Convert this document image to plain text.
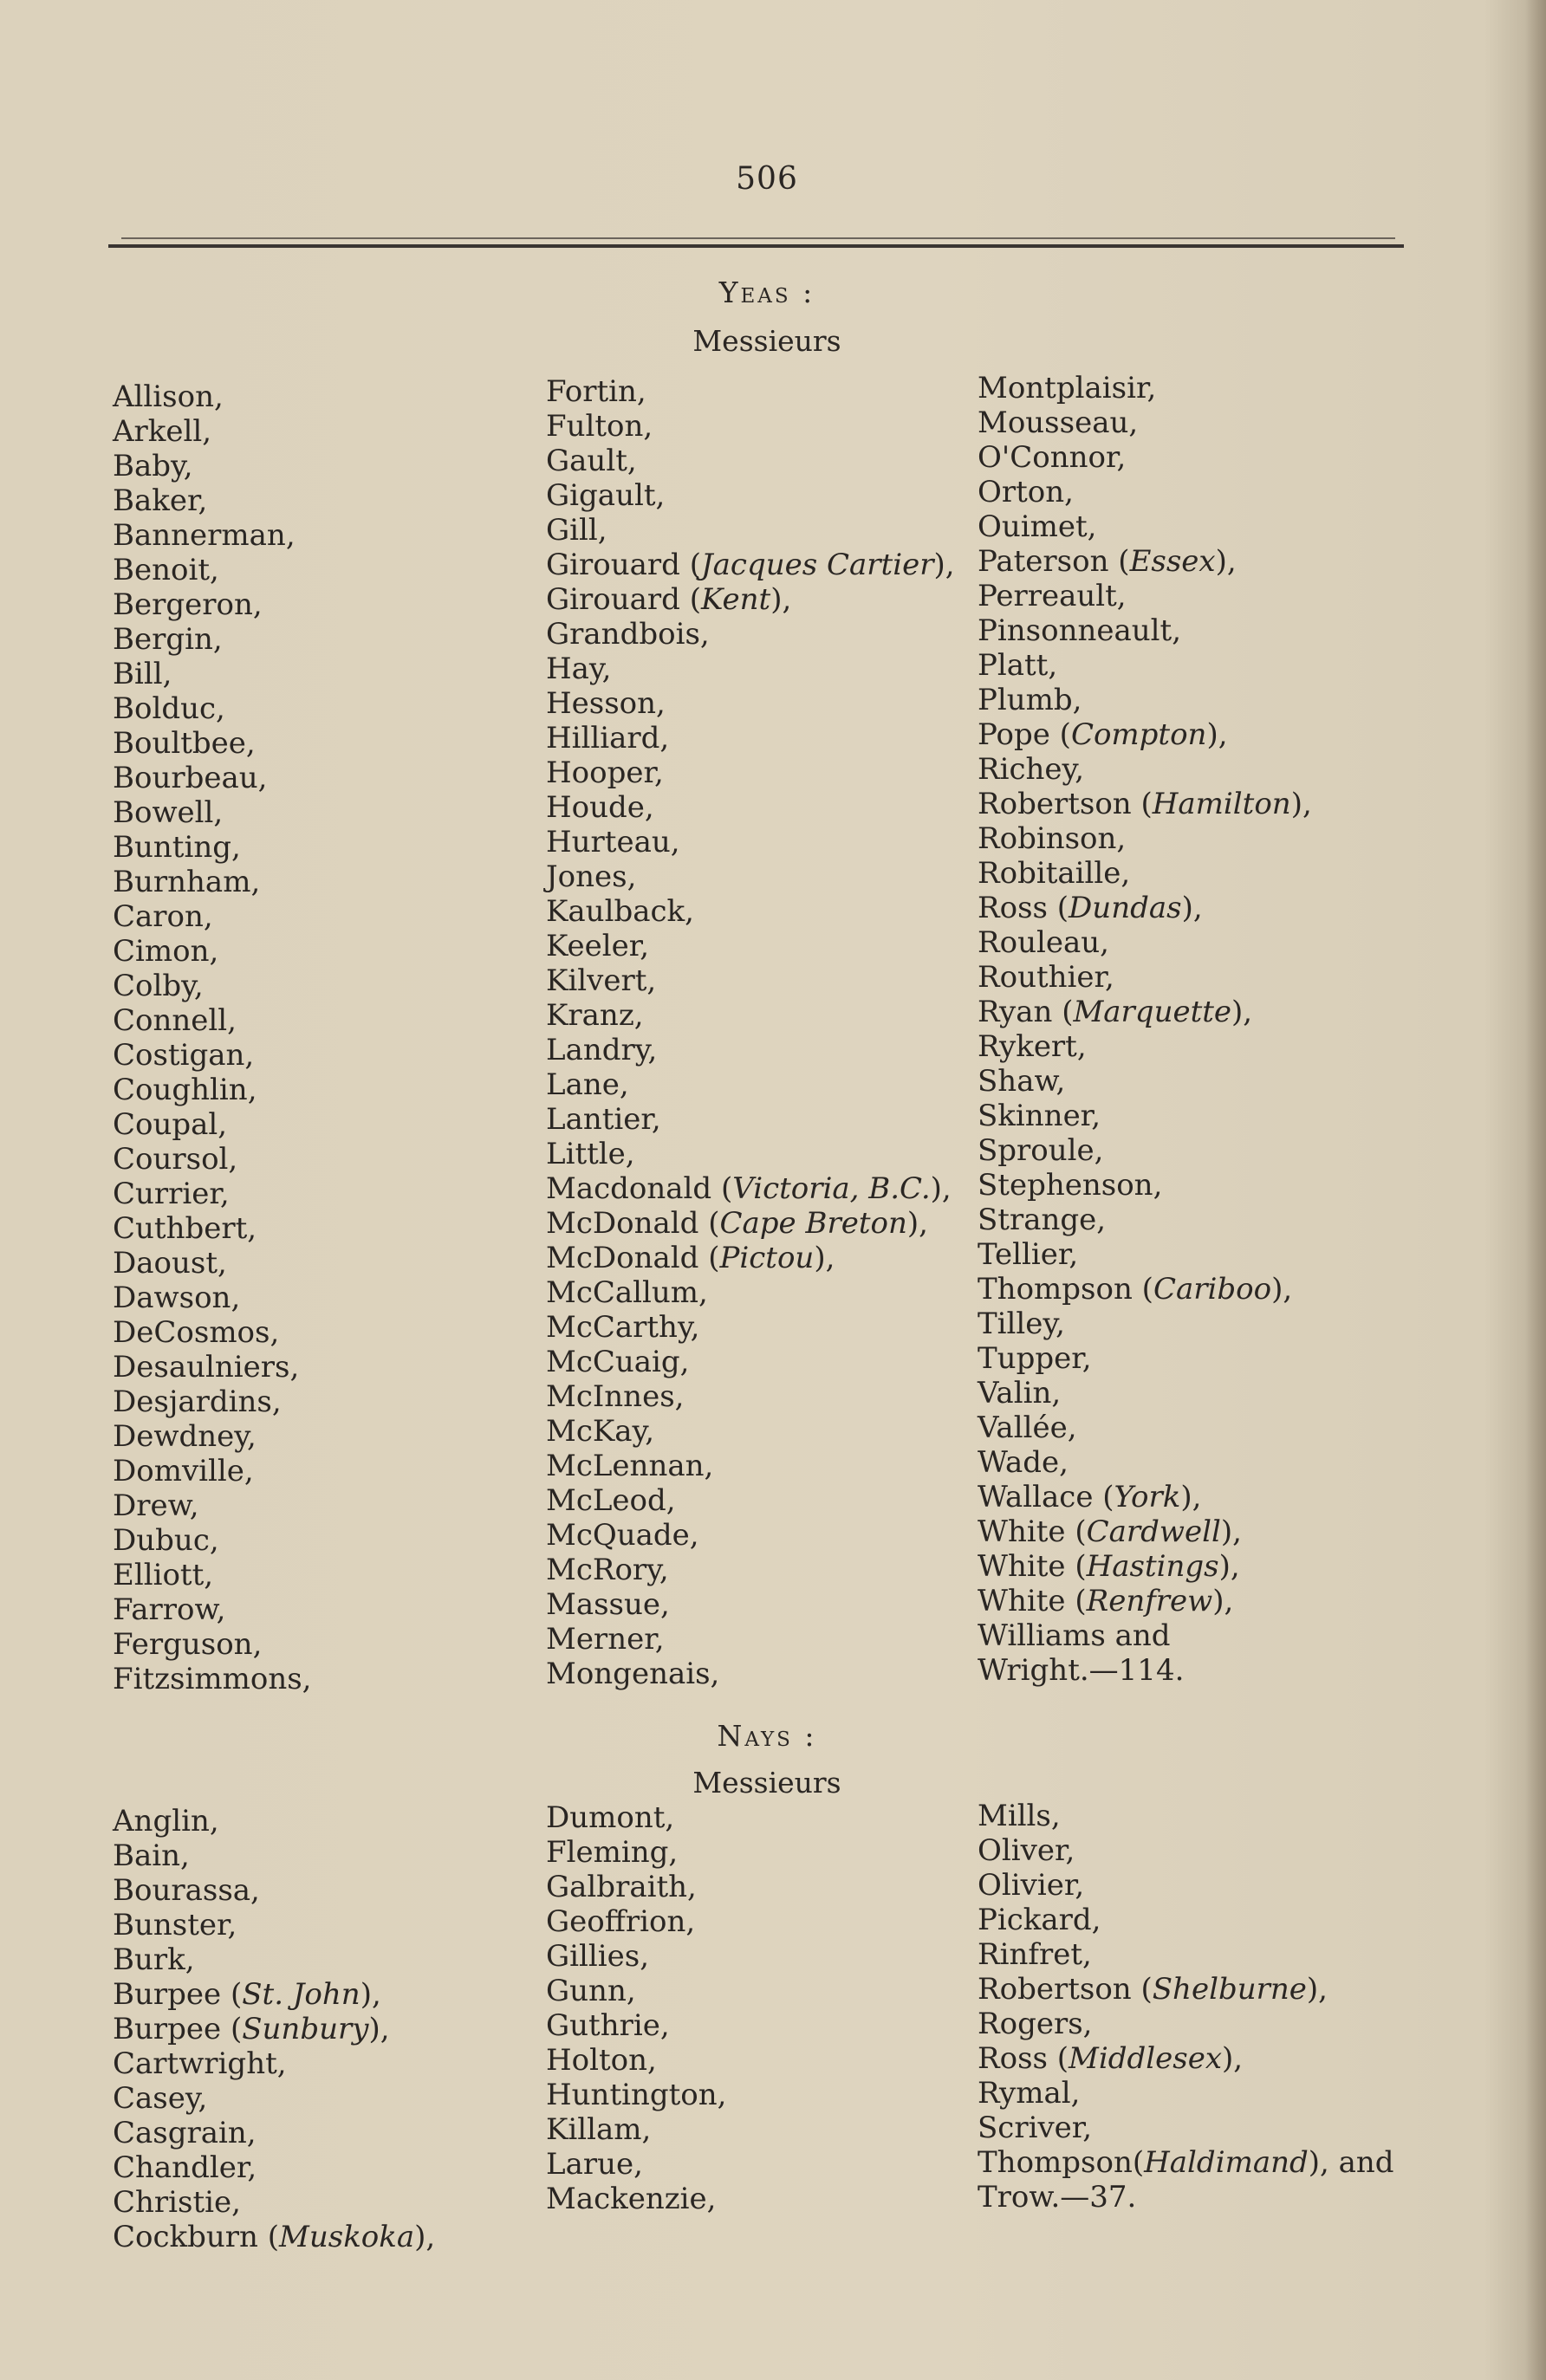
506
Yeas :
Messieurs
Allison,
Arkell,
Baby,
Baker,
Bannerman,
Benoit,
Bergeron,
Bergin,
Bill,
Bolduc,
Boultbee,
Bourbeau,
Bowell,
Bunting,
Burnham,
Caron,
Cimon,
Colby,
Connell,
Costigan,
Coughlin,
Coupal,
Coursol,
Currier,
Cuthbert,
Daoust,
Dawson,
DeCosmos,
Desaulniers,
Desjardins,
Dewdney,
Domville,
Drew,
Dubuc,
Elliott,
Farrow,
Ferguson,
Fitzsimmons,
Fortin,
Fulton,
Gault,
Gigault,
Gill,
Girouard (Jacques Cartier),
Girouard (Kent),
Grandbois,
Hay,
Hesson,
Hilliard,
Hooper,
Houde,
Hurteau,
Jones,
Kaulback,
Keeler,
Kilvert,
Kranz,
Landry,
Lane,
Lantier,
Little,
Macdonald (Victoria, B.C.),
McDonald (Cape Breton),
McDonald (Pictou),
McCallum,
McCarthy,
McCuaig,
McInnes,
McKay,
McLennan,
McLeod,
McQuade,
McRory,
Massue,
Merner,
Mongenais,
Montplaisir,
Mousseau,
O'Connor,
Orton,
Ouimet,
Paterson (Essex),
Perreault,
Pinsonneault,
Platt,
Plumb,
Pope (Compton),
Richey,
Robertson (Hamilton),
Robinson,
Robitaille,
Ross (Dundas),
Rouleau,
Routhier,
Ryan (Marquette),
Rykert,
Shaw,
Skinner,
Sproule,
Stephenson,
Strange,
Tellier,
Thompson (Cariboo),
Tilley,
Tupper,
Valin,
Vallée,
Wade,
Wallace (York),
White (Cardwell),
White (Hastings),
White (Renfrew),
Williams and
Wright.—114.
Nays :
Messieurs
Anglin,
Bain,
Bourassa,
Bunster,
Burk,
Burpee (St. John),
Burpee (Sunbury),
Cartwright,
Casey,
Casgrain,
Chandler,
Christie,
Cockburn (Muskoka),
Dumont,
Fleming,
Galbraith,
Geoffrion,
Gillies,
Gunn,
Guthrie,
Holton,
Huntington,
Killam,
Larue,
Mackenzie,
Mills,
Oliver,
Olivier,
Pickard,
Rinfret,
Robertson (Shelburne),
Rogers,
Ross (Middlesex),
Rymal,
Scriver,
Thompson(Haldimand), and
Trow.—37.
